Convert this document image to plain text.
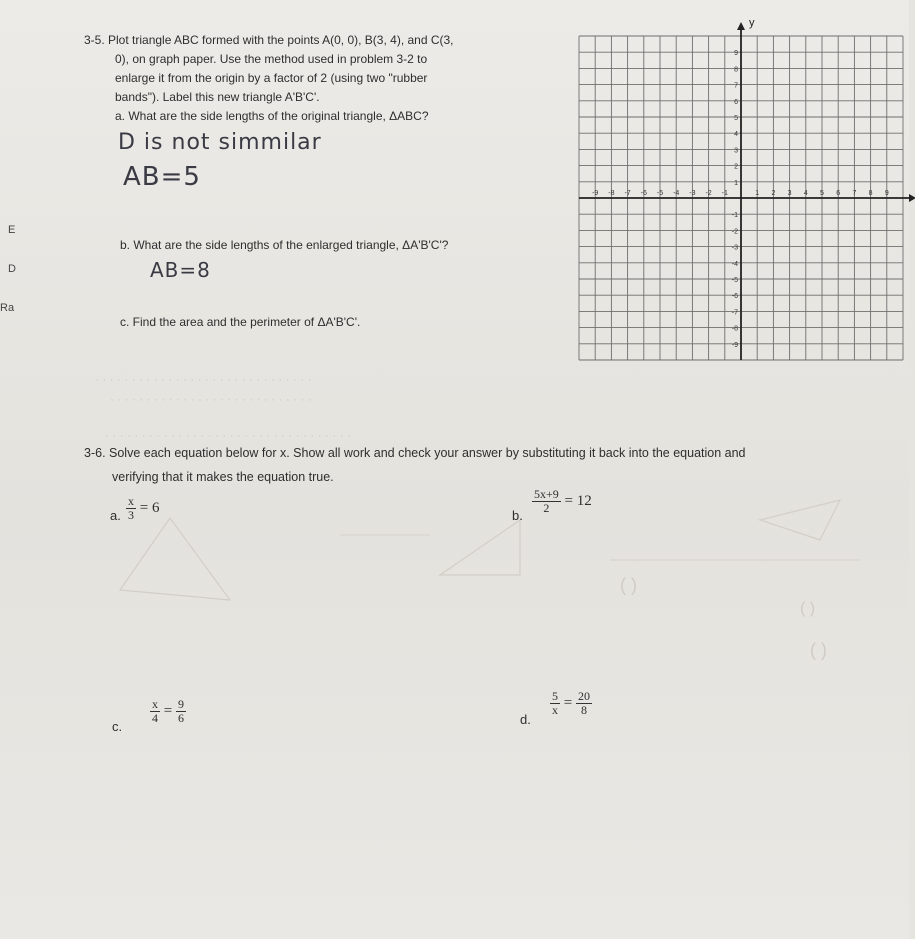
· · · · · · · · · · · · · · · · · · · · · · · · · · · · · ·
· · · · · · · · · · · · · · · · · · · · · · · · · · · ·
· · · · · · · · · · · · · · · · · · · · · · · · · · · · · · · · · ·
E
D
Ra
3-5. Plot triangle ABC formed with the points A(0, 0), B(3, 4), and C(3,
0), on graph paper. Use the method used in problem 3-2 to
enlarge it from the origin by a factor of 2 (using two "rubber
bands"). Label this new triangle A'B'C'.
a. What are the side lengths of the original triangle, ΔABC?
D is not simmilar
AB=5
b. What are the side lengths of the enlarged triangle, ΔA'B'C'?
AB=8
c. Find the area and the perimeter of ΔA'B'C'.
y
-9 -8 -7 -6 -5 -4 -3 -2 -1	1 2 3 4 5 6 7 8 9
9
8
7
6
5
4
3
2
1
-1
-2
-3
-4
-5
-6
-7
-8
-9
3-6. Solve each equation below for x. Show all work and check your answer by substituting it back into the equation and
verifying that it makes the equation true.
a. $\frac{x}{3} = 6$	b.
$\frac{5x+9}{2} = 12$
c.
$\frac{x}{4} = \frac{9}{6}$	d.
$\frac{5}{x} = \frac{20}{8}$
( )
( )
( )
